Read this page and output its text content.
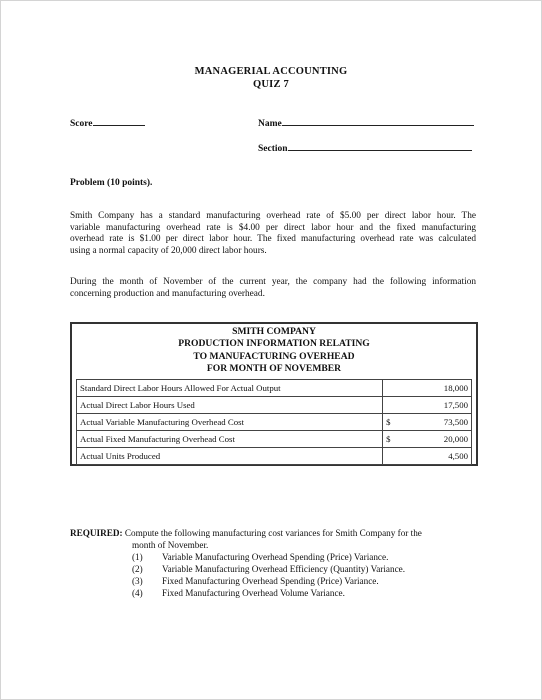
MANAGERIAL ACCOUNTING
QUIZ 7
Score	Name
Section
Problem (10 points).
Smith Company has a standard manufacturing overhead rate of $5.00 per direct labor hour. The
variable manufacturing overhead rate is $4.00 per direct labor hour and the fixed manufacturing
overhead rate is $1.00 per direct labor hour. The fixed manufacturing overhead rate was calculated
using a normal capacity of 20,000 direct labor hours.
During the month of November of the current year, the company had the following information
concerning production and manufacturing overhead.
SMITH COMPANY
PRODUCTION INFORMATION RELATING
TO MANUFACTURING OVERHEAD
FOR MONTH OF NOVEMBER
Standard Direct Labor Hours Allowed For Actual Output		18,000
Actual Direct Labor Hours Used		17,500
Actual Variable Manufacturing Overhead Cost	$	73,500
Actual Fixed Manufacturing Overhead Cost	$	20,000
Actual Units Produced		4,500
REQUIRED: Compute the following manufacturing cost variances for Smith Company for the
month of November.
(1) Variable Manufacturing Overhead Spending (Price) Variance.
(2) Variable Manufacturing Overhead Efficiency (Quantity) Variance.
(3) Fixed Manufacturing Overhead Spending (Price) Variance.
(4) Fixed Manufacturing Overhead Volume Variance.
